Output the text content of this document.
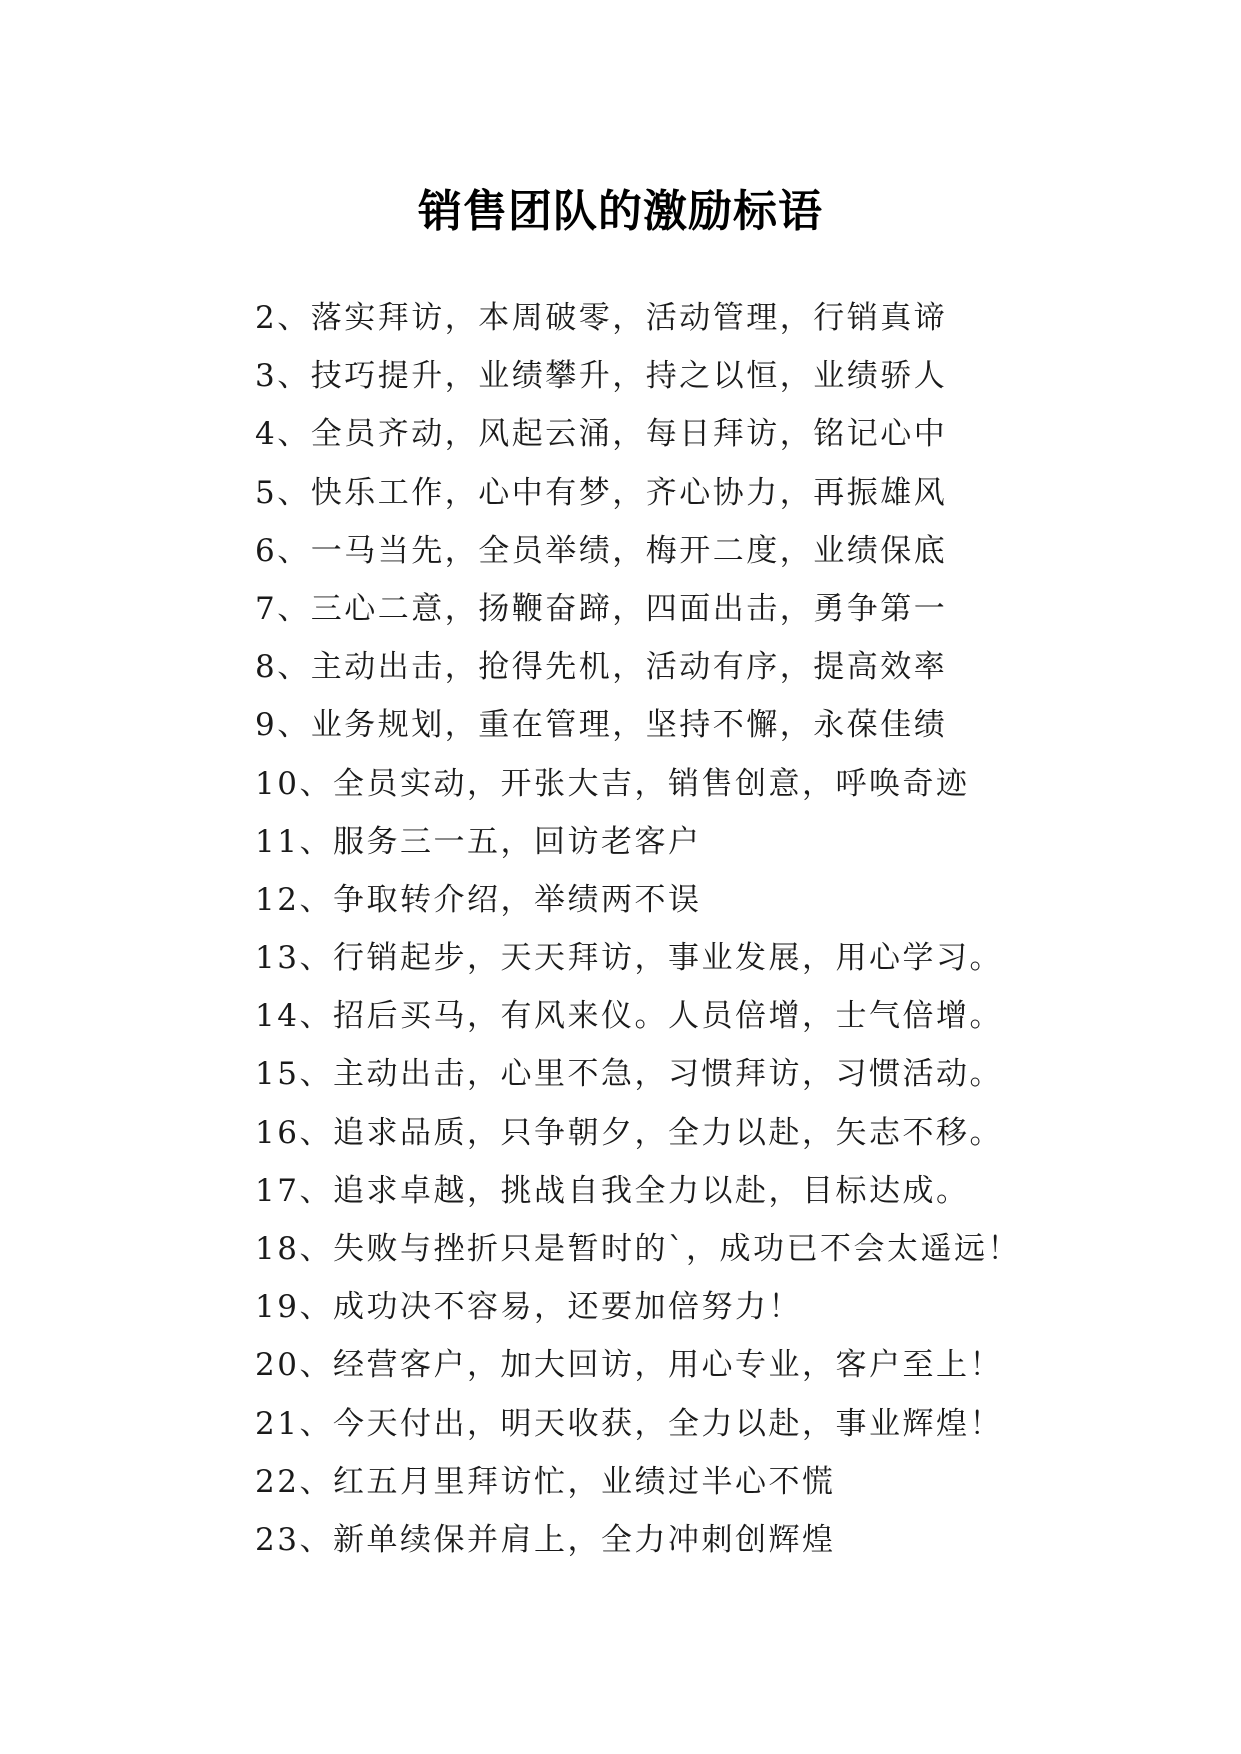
销售团队的激励标语
2、落实拜访，本周破零，活动管理，行销真谛
3、技巧提升，业绩攀升，持之以恒，业绩骄人
4、全员齐动，风起云涌，每日拜访，铭记心中
5、快乐工作，心中有梦，齐心协力，再振雄风
6、一马当先，全员举绩，梅开二度，业绩保底
7、三心二意，扬鞭奋蹄，四面出击，勇争第一
8、主动出击，抢得先机，活动有序，提高效率
9、业务规划，重在管理，坚持不懈，永葆佳绩
10、全员实动，开张大吉，销售创意，呼唤奇迹
11、服务三一五，回访老客户
12、争取转介绍，举绩两不误
13、行销起步，天天拜访，事业发展，用心学习。
14、招后买马，有风来仪。人员倍增，士气倍增。
15、主动出击，心里不急，习惯拜访，习惯活动。
16、追求品质，只争朝夕，全力以赴，矢志不移。
17、追求卓越，挑战自我全力以赴，目标达成。
18、失败与挫折只是暂时的`，成功已不会太遥远！
19、成功决不容易，还要加倍努力！
20、经营客户，加大回访，用心专业，客户至上！
21、今天付出，明天收获，全力以赴，事业辉煌！
22、红五月里拜访忙，业绩过半心不慌
23、新单续保并肩上，全力冲刺创辉煌
